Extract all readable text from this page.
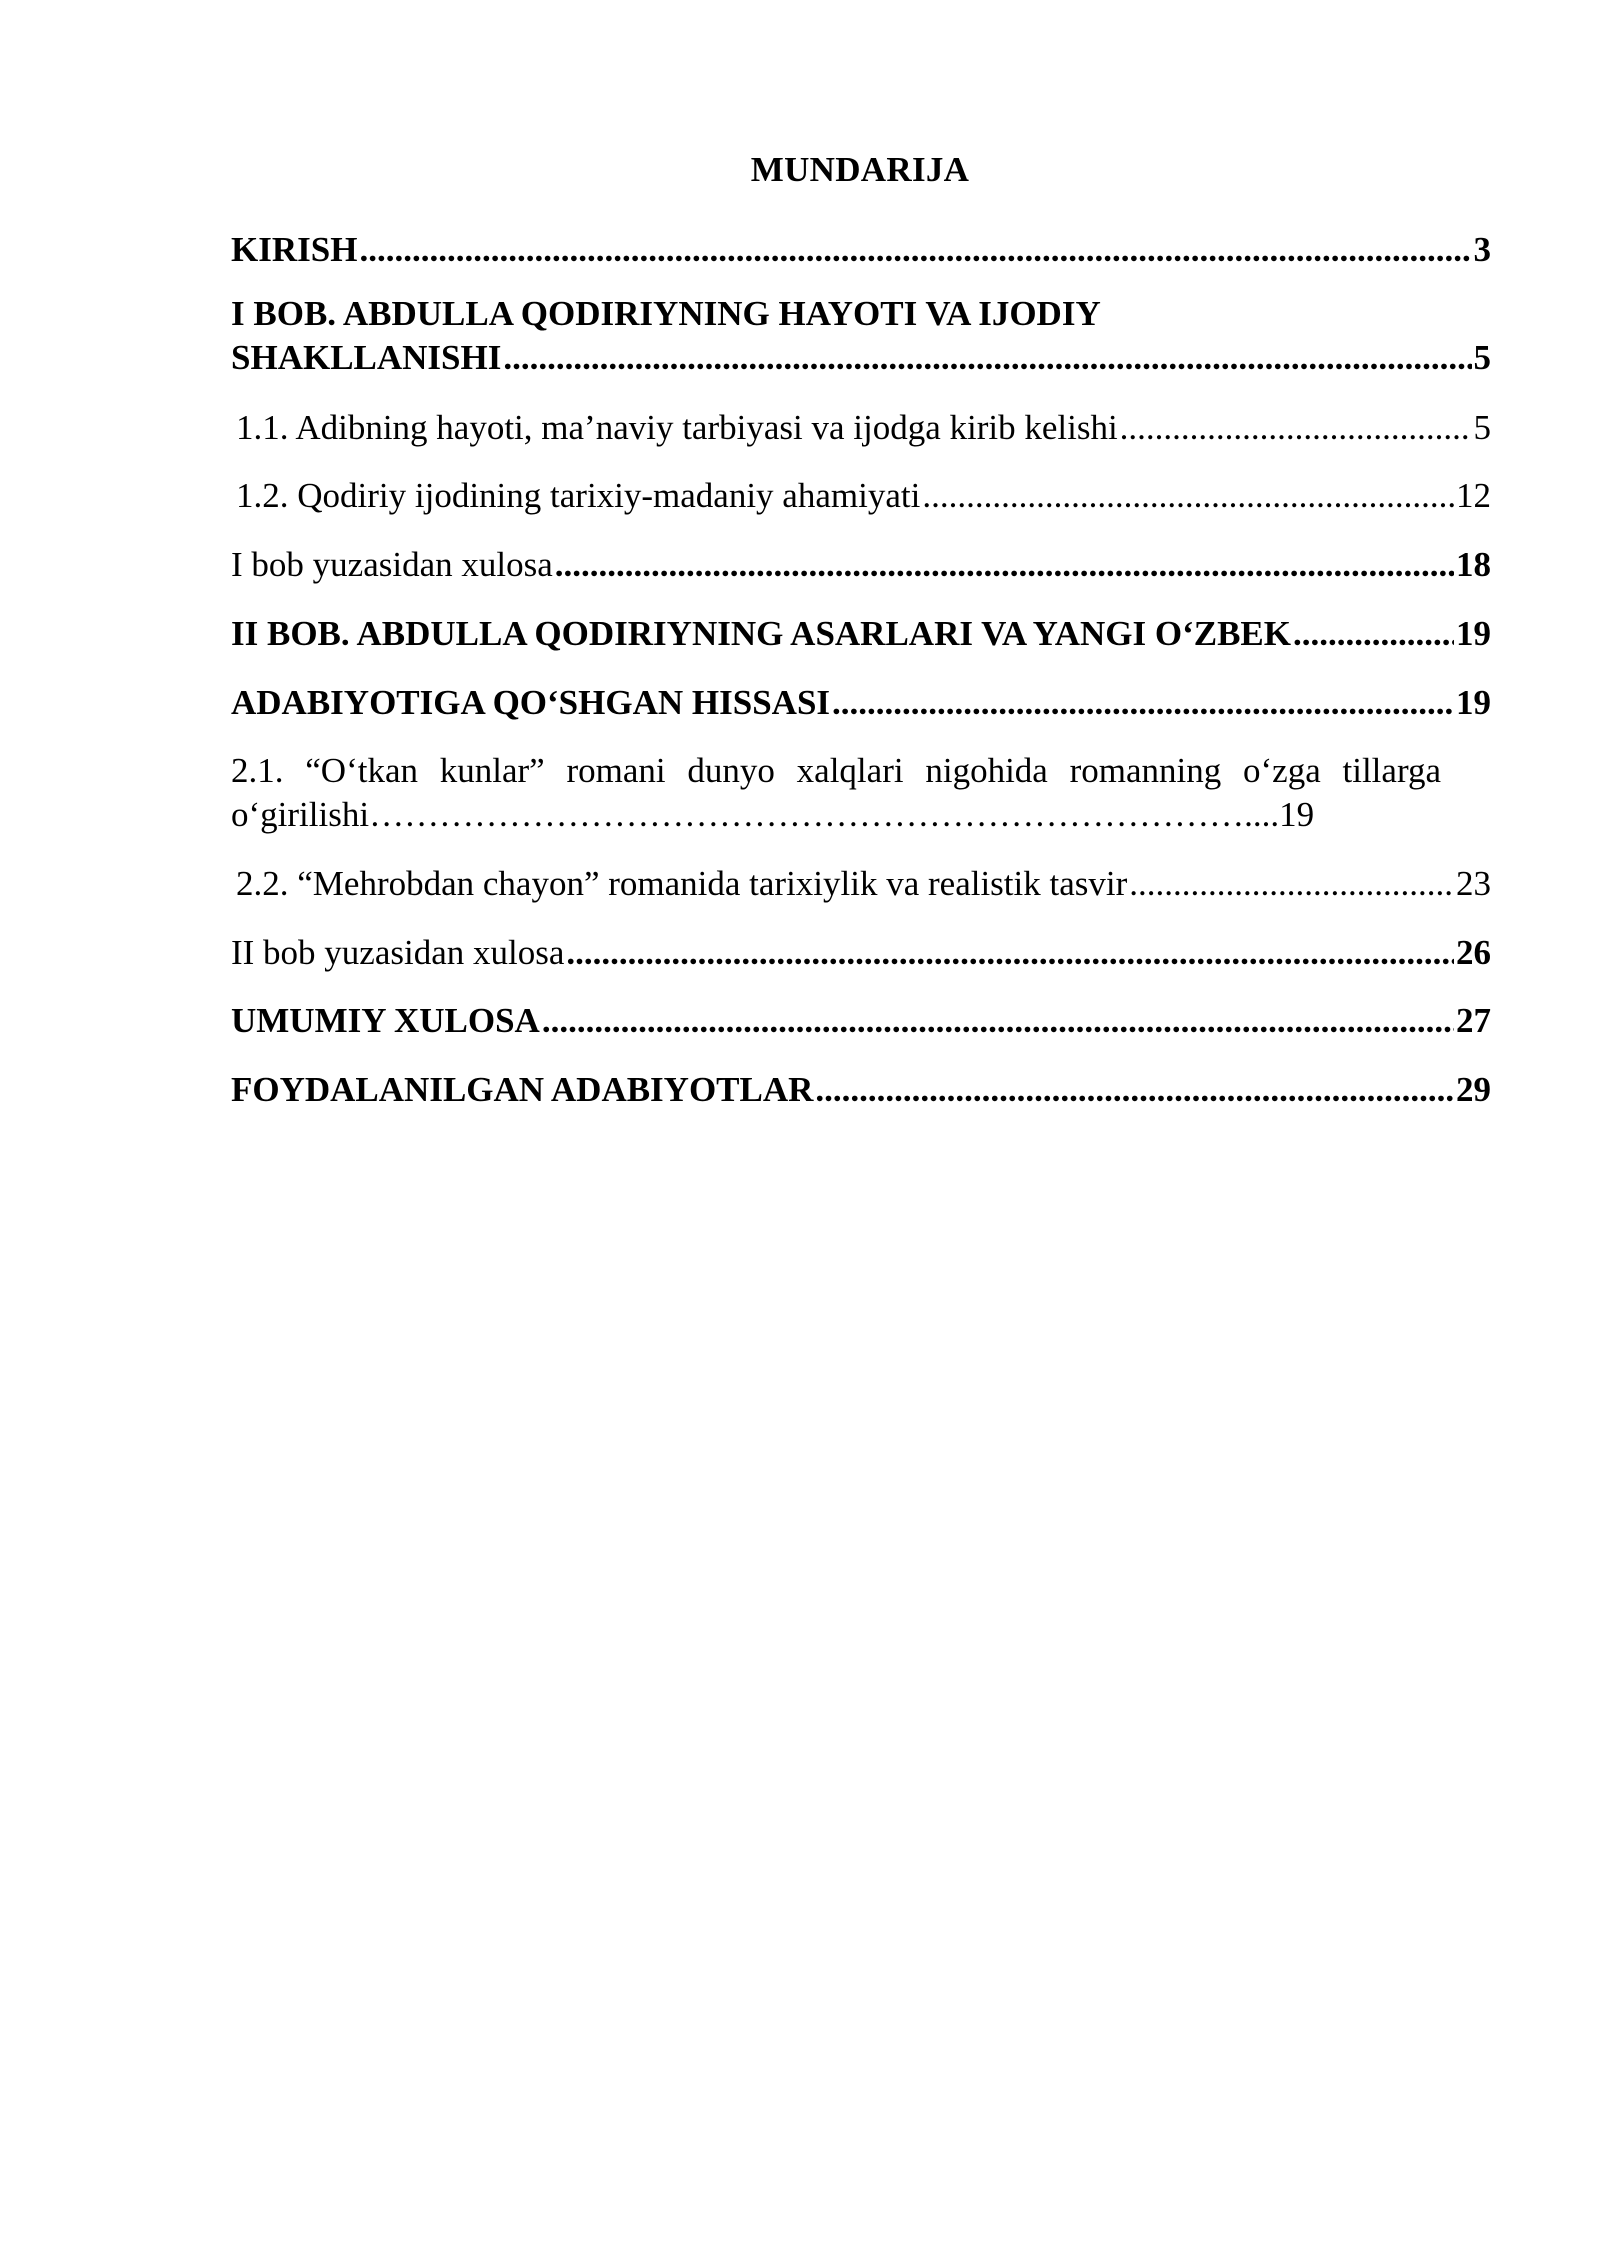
MUNDARIJA
KIRISH .....	3
I BOB. ABDULLA QODIRIYNING HAYOTI VA IJODIY
SHAKLLANISHI .....	5
1.1. Adibning hayoti, ma’naviy tarbiyasi va ijodga kirib kelishi .....	5
1.2. Qodiriy ijodining tarixiy-madaniy ahamiyati .....	12
I bob yuzasidan xulosa .....	18
II BOB. ABDULLA QODIRIYNING ASARLARI VA YANGI O‘ZBEK .....	19
ADABIYOTIGA QO‘SHGAN HISSASI .....	19
2.1. “O‘tkan kunlar” romani dunyo xalqlari nigohida romanning o‘zga tillarga
o‘girilishi…………………………………………………………………....19
2.2. “Mehrobdan chayon” romanida tarixiylik va realistik tasvir .....	23
II bob yuzasidan xulosa .....	26
UMUMIY XULOSA .....	27
FOYDALANILGAN ADABIYOTLAR .....	29
